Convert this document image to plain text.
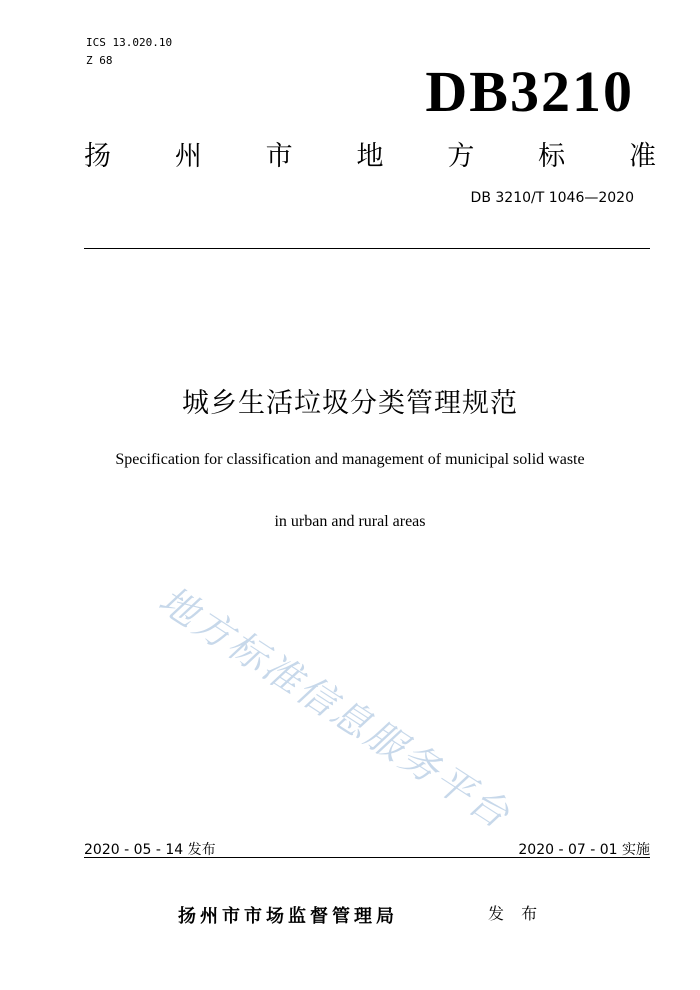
ICS 13.020.10
Z 68	DB3210
扬 州 市 地 方 标 准
DB 3210/T 1046—2020
城乡生活垃圾分类管理规范
Specification for classification and management of municipal solid waste
in urban and rural areas
地方标准信息服务平台
2020 - 05 - 14 发布	2020 - 07 - 01 实施
扬州市市场监督管理局	发 布
